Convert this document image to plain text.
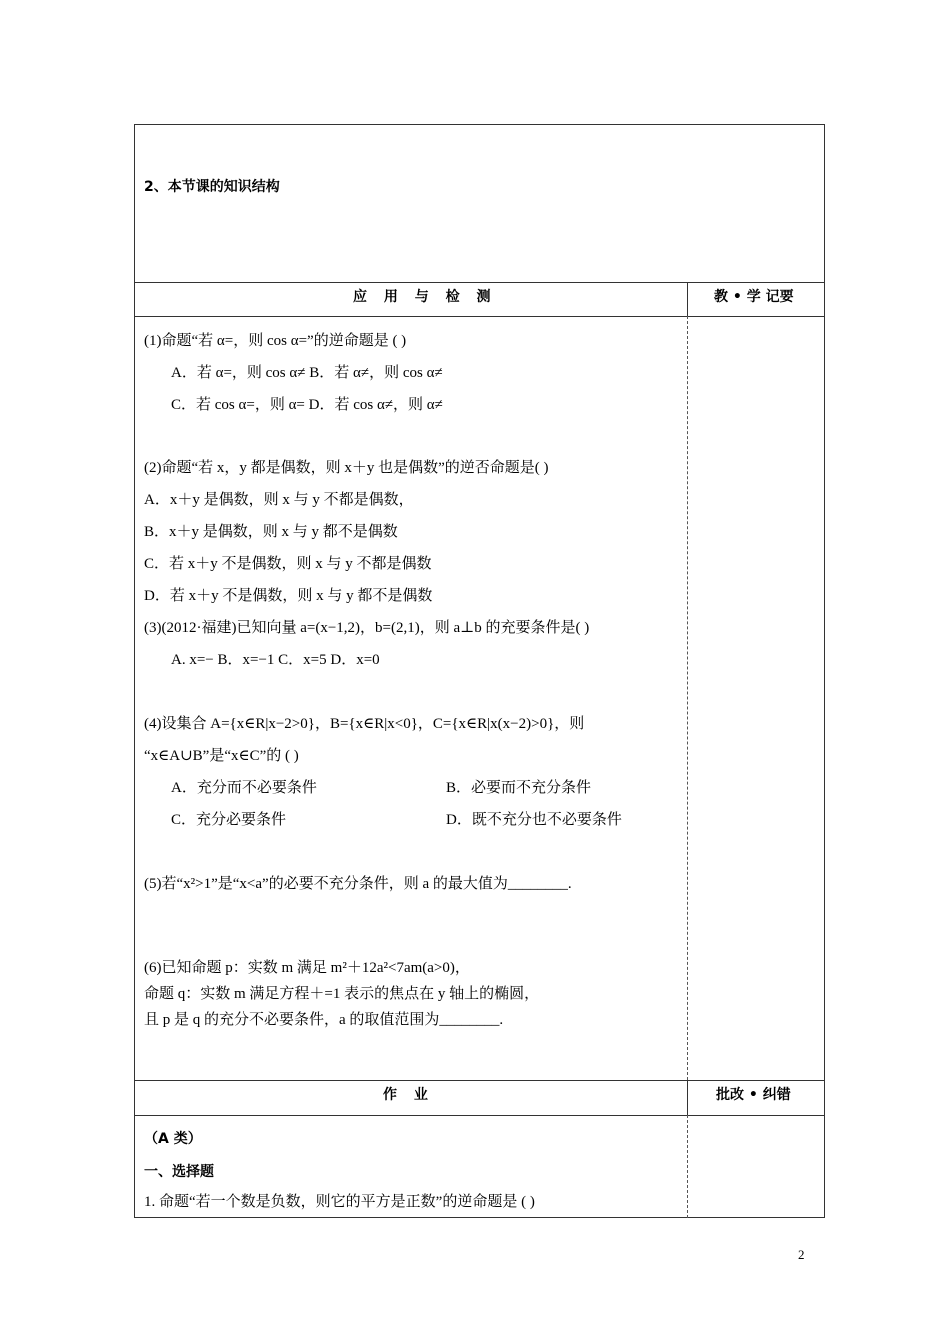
2、本节课的知识结构
应 用 与 检 测	教 • 学 记要
(1)命题“若 α=，则 cos α=”的逆命题是 ( )
A．若 α=，则 cos α≠ B．若 α≠，则 cos α≠
C．若 cos α=，则 α= D．若 cos α≠，则 α≠
(2)命题“若 x，y 都是偶数，则 x＋y 也是偶数”的逆否命题是( )
A．x＋y 是偶数，则 x 与 y 不都是偶数，
B．x＋y 是偶数，则 x 与 y 都不是偶数
C．若 x＋y 不是偶数，则 x 与 y 不都是偶数
D．若 x＋y 不是偶数，则 x 与 y 都不是偶数
(3)(2012·福建)已知向量 a=(x−1,2)，b=(2,1)，则 a⊥b 的充要条件是( )
A. x=− B．x=−1 C．x=5 D．x=0
(4)设集合 A={x∈R|x−2>0}，B={x∈R|x<0}，C={x∈R|x(x−2)>0}，则
“x∈A∪B”是“x∈C”的 ( )
A．充分而不必要条件	B．必要而不充分条件
C．充分必要条件	D．既不充分也不必要条件
(5)若“x²>1”是“x<a”的必要不充分条件，则 a 的最大值为________.
(6)已知命题 p：实数 m 满足 m²＋12a²<7am(a>0)，
命题 q：实数 m 满足方程＋=1 表示的焦点在 y 轴上的椭圆，
且 p 是 q 的充分不必要条件，a 的取值范围为________.
作 业	批改 • 纠错
（A 类）
一、选择题
1. 命题“若一个数是负数，则它的平方是正数”的逆命题是 ( )
2
